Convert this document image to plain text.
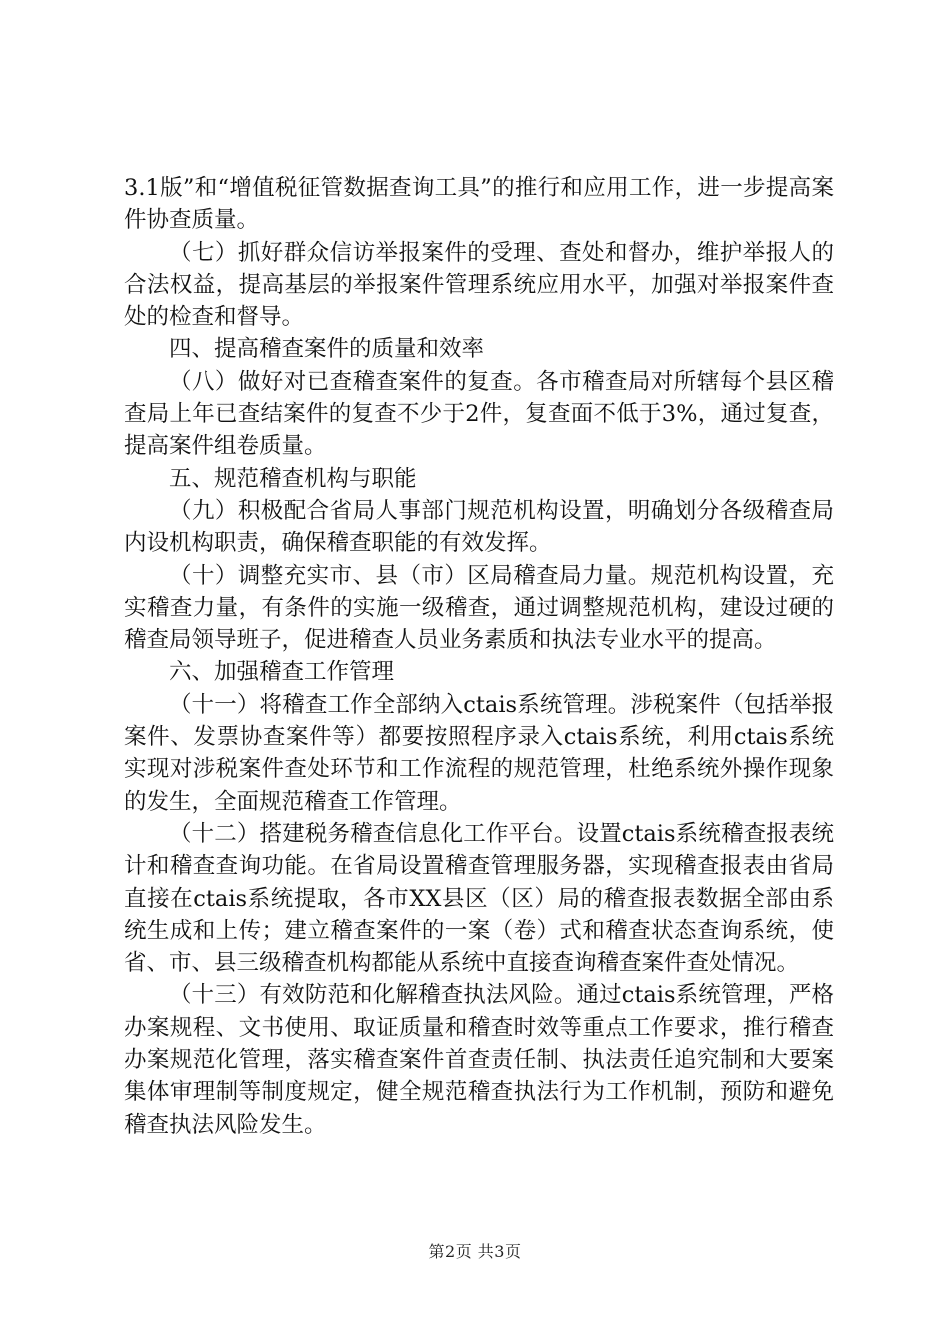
3.1版”和“增值税征管数据查询工具”的推行和应用工作，进一步提高案件协查质量。

（七）抓好群众信访举报案件的受理、查处和督办，维护举报人的合法权益，提高基层的举报案件管理系统应用水平，加强对举报案件查处的检查和督导。

四、提高稽查案件的质量和效率

（八）做好对已查稽查案件的复查。各市稽查局对所辖每个县区稽查局上年已查结案件的复查不少于2件，复查面不低于3%，通过复查，提高案件组卷质量。

五、规范稽查机构与职能

（九）积极配合省局人事部门规范机构设置，明确划分各级稽查局内设机构职责，确保稽查职能的有效发挥。

（十）调整充实市、县（市）区局稽查局力量。规范机构设置，充实稽查力量，有条件的实施一级稽查，通过调整规范机构，建设过硬的稽查局领导班子，促进稽查人员业务素质和执法专业水平的提高。

六、加强稽查工作管理

（十一）将稽查工作全部纳入ctais系统管理。涉税案件（包括举报案件、发票协查案件等）都要按照程序录入ctais系统，利用ctais系统实现对涉税案件查处环节和工作流程的规范管理，杜绝系统外操作现象的发生，全面规范稽查工作管理。

（十二）搭建税务稽查信息化工作平台。设置ctais系统稽查报表统计和稽查查询功能。在省局设置稽查管理服务器，实现稽查报表由省局直接在ctais系统提取，各市XX县区（区）局的稽查报表数据全部由系统生成和上传；建立稽查案件的一案（卷）式和稽查状态查询系统，使省、市、县三级稽查机构都能从系统中直接查询稽查案件查处情况。

（十三）有效防范和化解稽查执法风险。通过ctais系统管理，严格办案规程、文书使用、取证质量和稽查时效等重点工作要求，推行稽查办案规范化管理，落实稽查案件首查责任制、执法责任追究制和大要案集体审理制等制度规定，健全规范稽查执法行为工作机制，预防和避免稽查执法风险发生。

第2页 共3页
